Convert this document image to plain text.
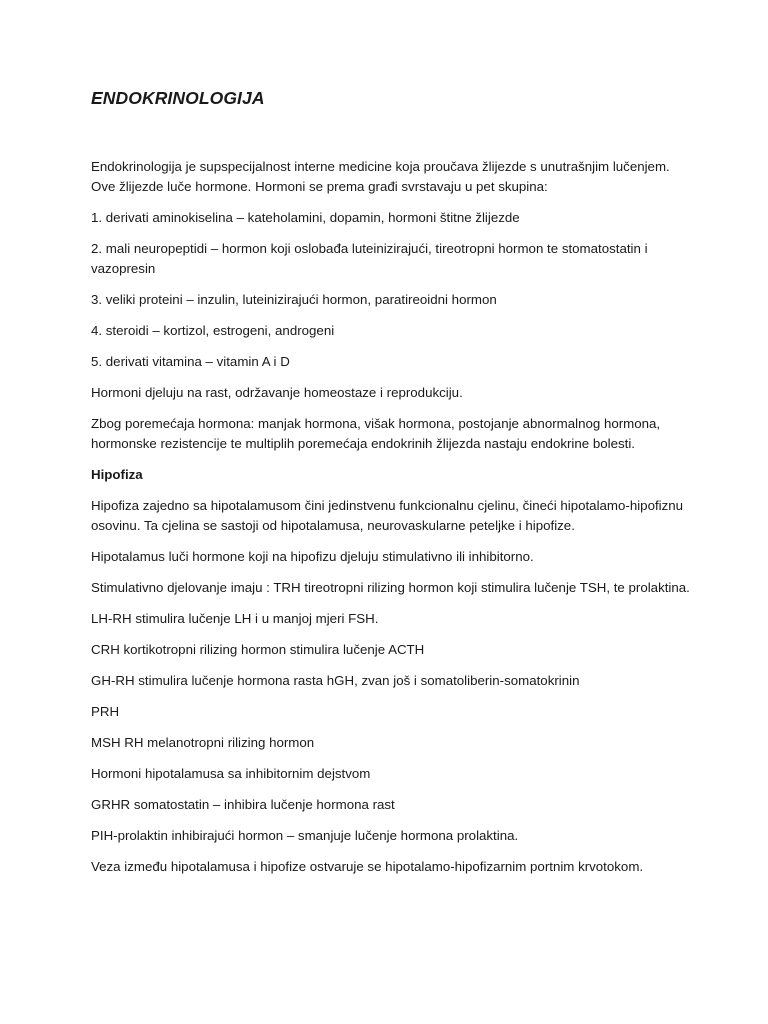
ENDOKRINOLOGIJA

Endokrinologija je supspecijalnost interne medicine koja proučava žlijezde s unutrašnjim lučenjem. Ove žlijezde luče hormone. Hormoni se prema građi svrstavaju u pet skupina:

1. derivati aminokiselina – kateholamini, dopamin, hormoni štitne žlijezde

2. mali neuropeptidi – hormon koji oslobađa luteinizirajući, tireotropni hormon te stomatostatin i vazopresin

3. veliki proteini – inzulin, luteinizirajući hormon, paratireoidni hormon

4. steroidi – kortizol, estrogeni, androgeni

5. derivati vitamina – vitamin A i D

Hormoni djeluju na rast, održavanje homeostaze i reprodukciju.

Zbog poremećaja hormona: manjak hormona, višak hormona, postojanje abnormalnog hormona, hormonske rezistencije te multiplih poremećaja endokrinih žlijezda nastaju endokrine bolesti.

Hipofiza

Hipofiza zajedno sa hipotalamusom čini jedinstvenu funkcionalnu cjelinu, čineći hipotalamo-hipofiznu osovinu. Ta cjelina se sastoji od hipotalamusa, neurovaskularne peteljke i hipofize.

Hipotalamus luči hormone koji na hipofizu djeluju stimulativno ili inhibitorno.

Stimulativno djelovanje imaju : TRH tireotropni rilizing hormon koji stimulira lučenje TSH, te prolaktina.

LH-RH stimulira lučenje LH i u manjoj mjeri FSH.

CRH kortikotropni rilizing hormon stimulira lučenje ACTH

GH-RH stimulira lučenje hormona rasta hGH, zvan još i somatoliberin-somatokrinin

PRH

MSH RH melanotropni rilizing hormon

Hormoni hipotalamusa sa inhibitornim dejstvom

GRHR somatostatin – inhibira lučenje hormona rast

PIH-prolaktin inhibirajući hormon – smanjuje lučenje hormona prolaktina.

Veza između hipotalamusa i hipofize ostvaruje se hipotalamo-hipofizarnim portnim krvotokom.
